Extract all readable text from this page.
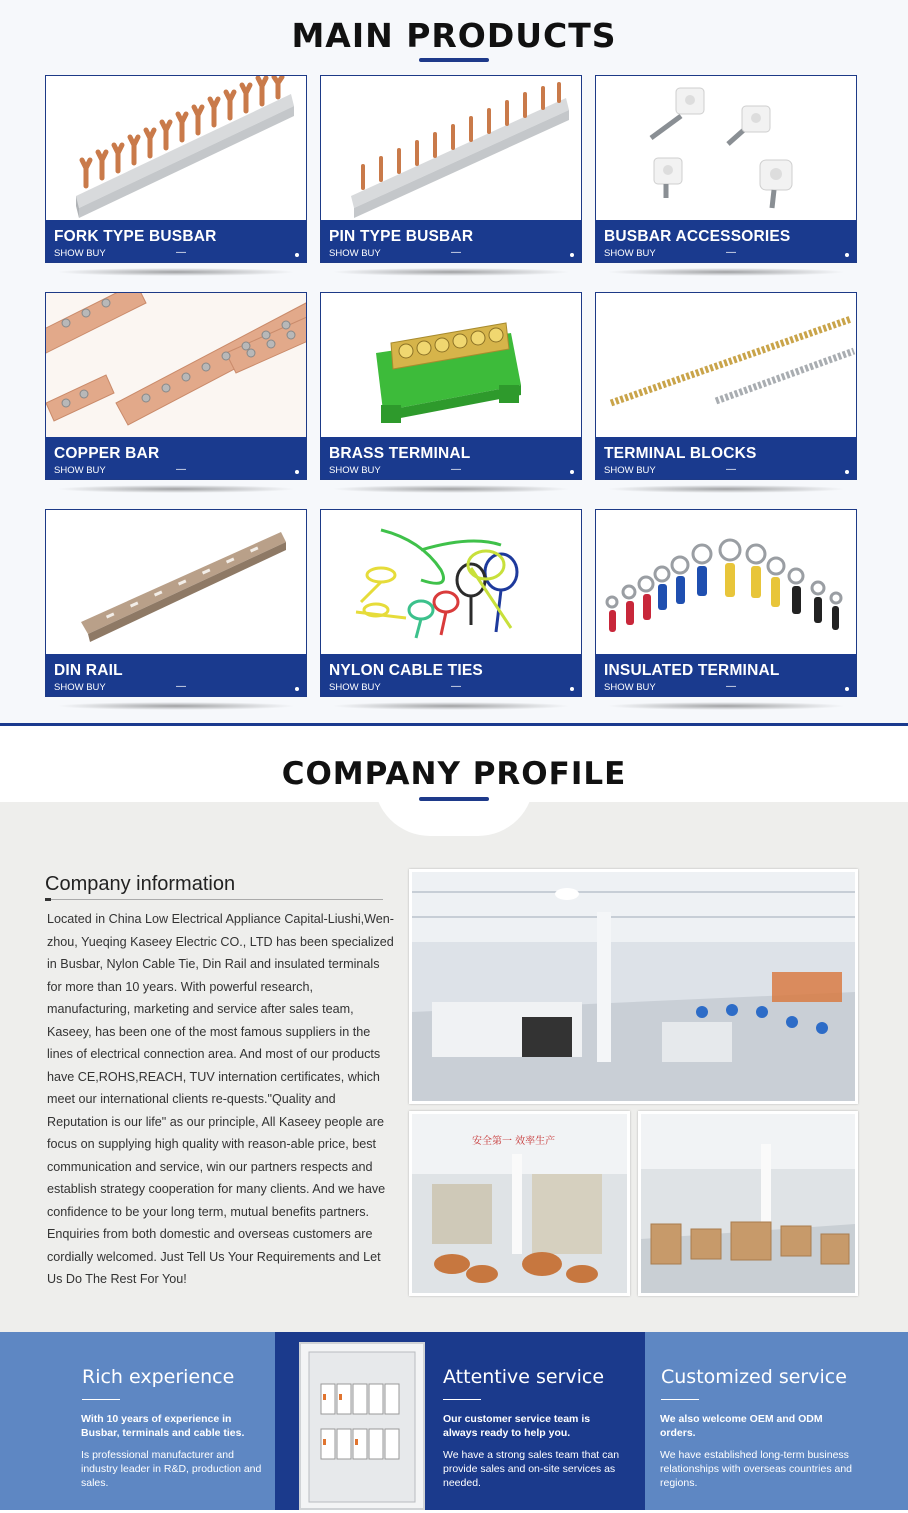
MAIN PRODUCTS
FORK TYPE BUSBAR
SHOW BUY	—
PIN TYPE BUSBAR
SHOW BUY	—
BUSBAR ACCESSORIES
SHOW BUY	—
COPPER BAR
SHOW BUY	—
BRASS TERMINAL
SHOW BUY	—
TERMINAL BLOCKS
SHOW BUY	—
DIN RAIL
SHOW BUY	—
NYLON CABLE TIES
SHOW BUY	—
INSULATED TERMINAL
SHOW BUY	—
COMPANY PROFILE
Company information
Located in China Low Electrical Appliance Capital-Liushi,Wen-zhou, Yueqing Kaseey Electric CO., LTD has been specialized in Busbar, Nylon Cable Tie, Din Rail and insulated terminals for more than 10 years. With powerful research, manufacturing, marketing and service after sales team, Kaseey, has been one of the most famous suppliers in the lines of electrical connection area. And most of our products have CE,ROHS,REACH, TUV internation certificates, which meet our international clients re-quests."Quality and Reputation is our life" as our principle, All Kaseey people are focus on supplying high quality with reason-able price, best communication and service, win our partners respects and establish strategy cooperation for many clients. And we have confidence to be your long term, mutual benefits partners. Enquiries from both domestic and overseas customers are cordially welcomed. Just Tell Us Your Requirements and Let Us Do The Rest For You!
安全第一 效率生产
Rich experience
With 10 years of experience in Busbar, terminals and cable ties.
Is professional manufacturer and industry leader in R&D, production and sales.
Attentive service
Our customer service team is always ready to help you.
We have a strong sales team that can provide sales and on-site services as needed.
Customized service
We also welcome OEM and ODM orders.
We have established long-term business relationships with overseas countries and regions.
